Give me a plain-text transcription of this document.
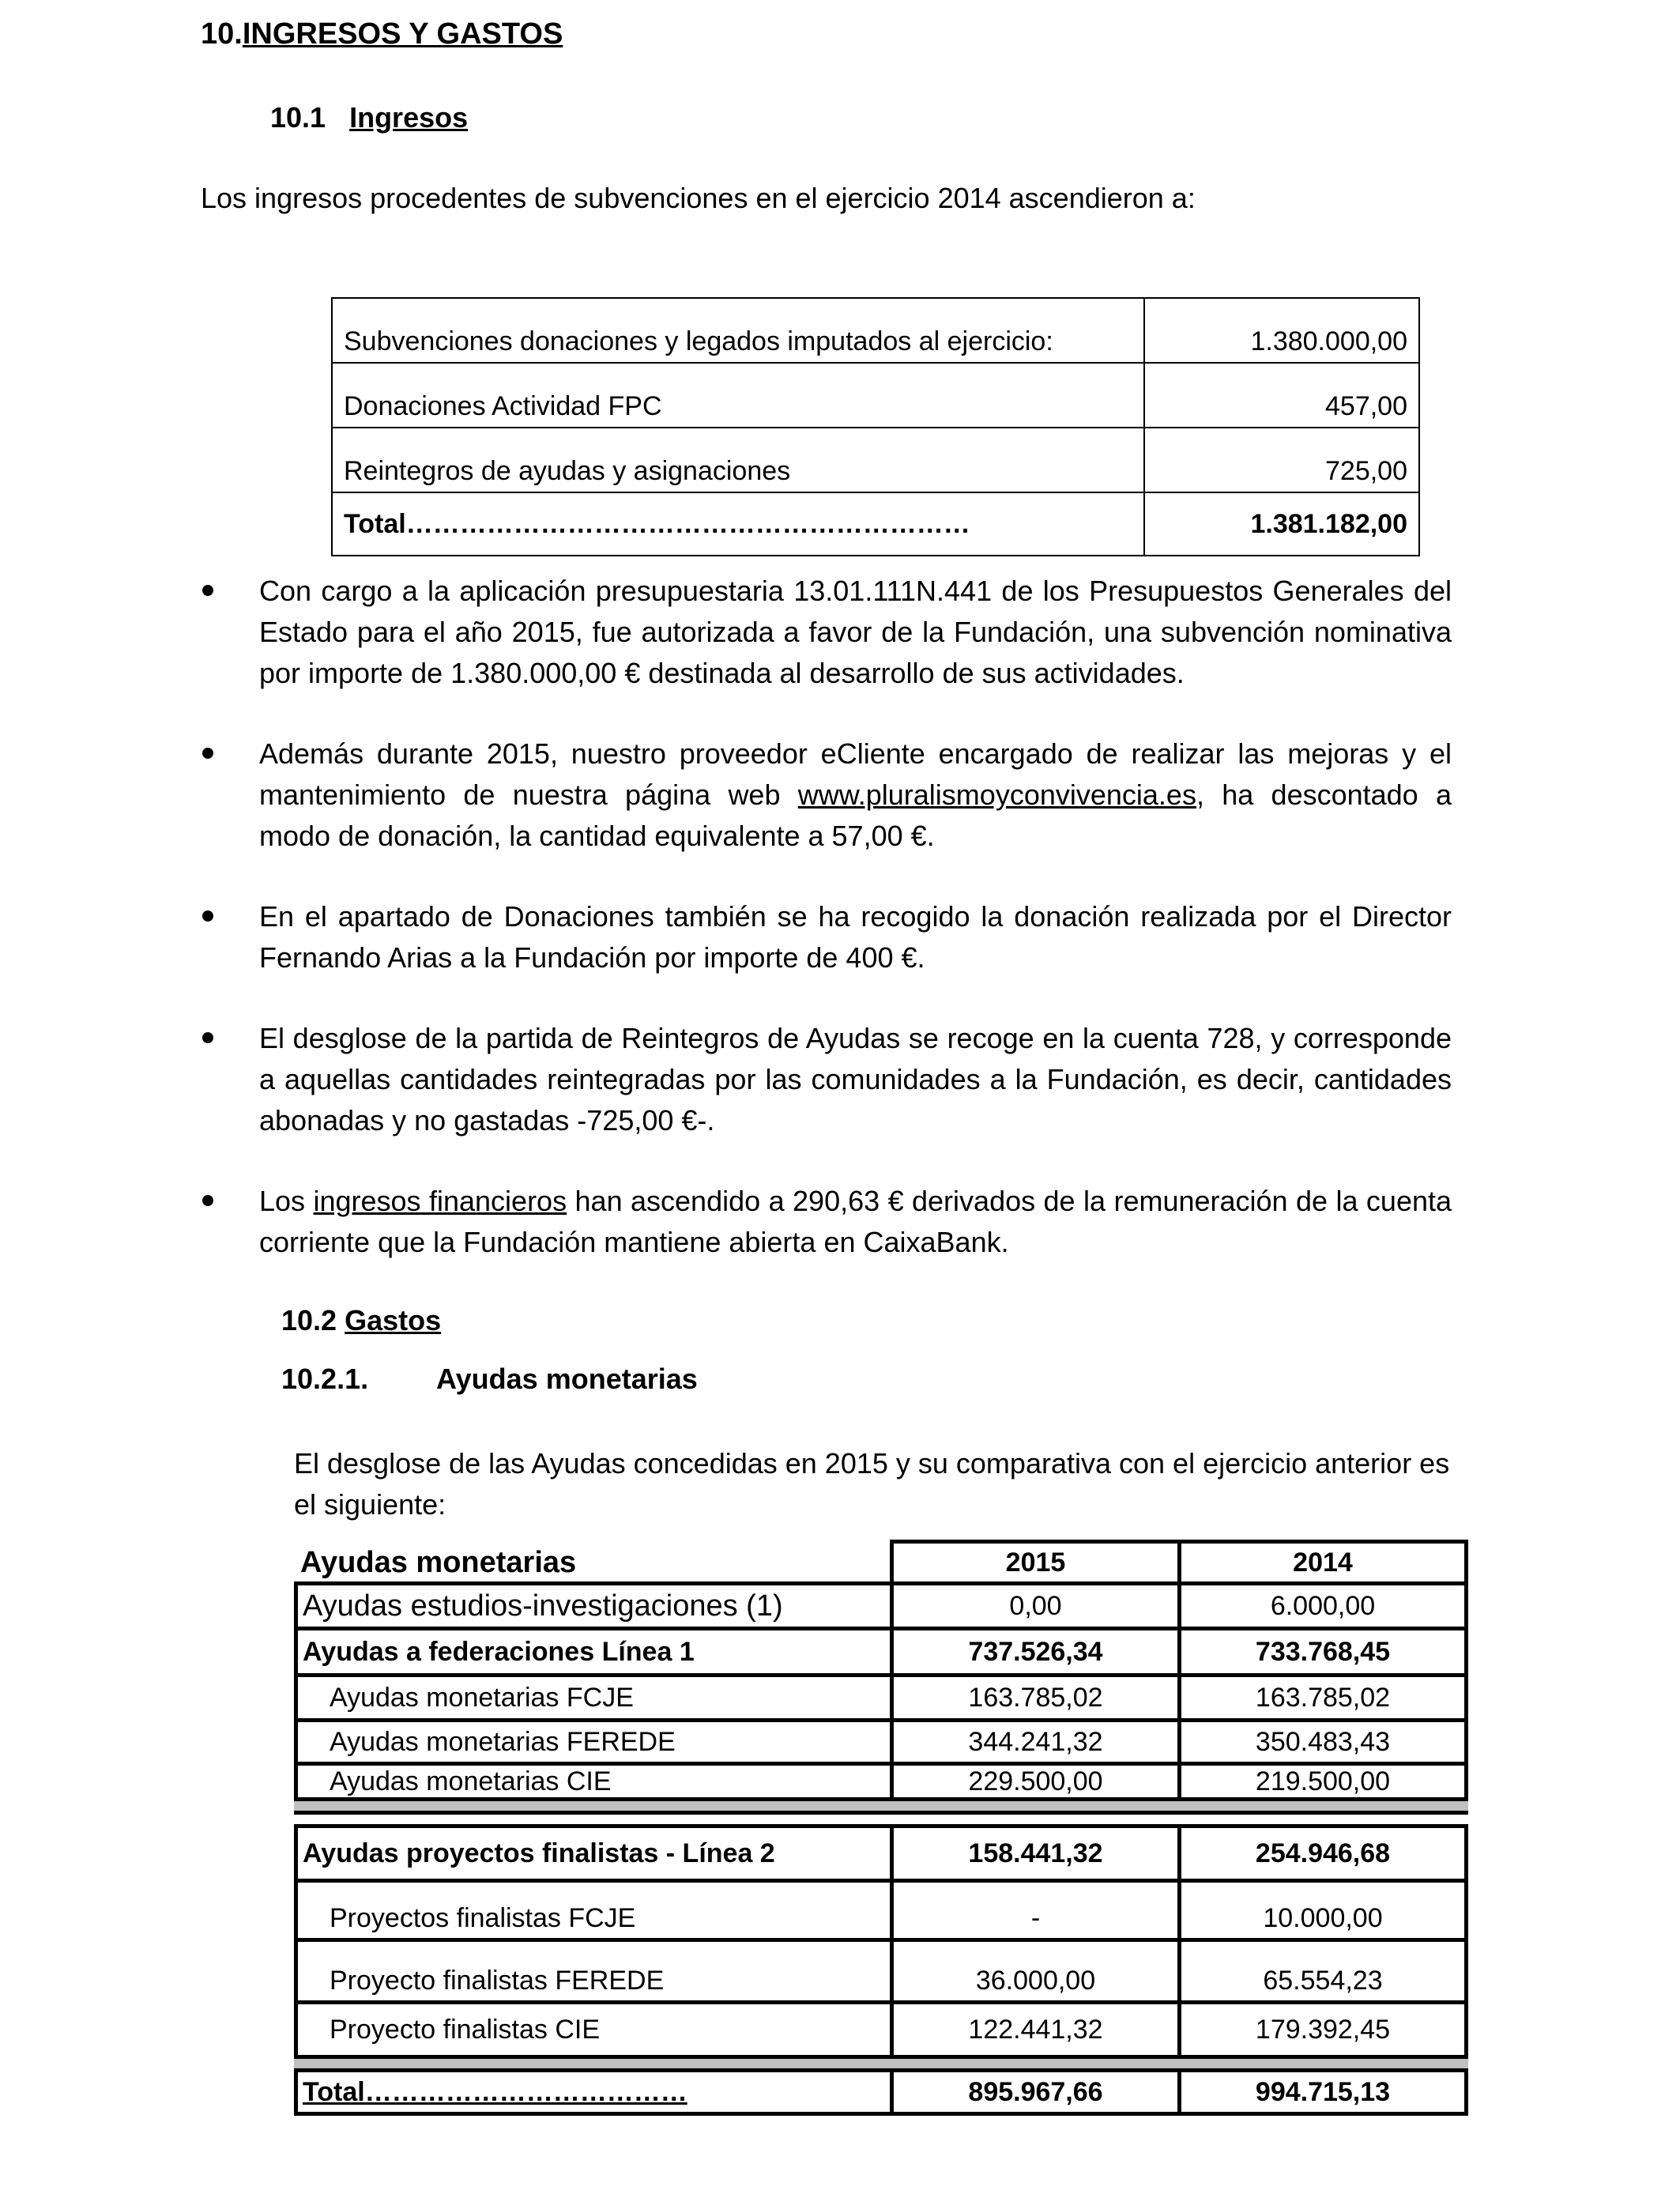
10.INGRESOS Y GASTOS
10.1 Ingresos
Los ingresos procedentes de subvenciones en el ejercicio 2014 ascendieron a:
Subvenciones donaciones y legados imputados al ejercicio:	1.380.000,00
Donaciones Actividad FPC	457,00
Reintegros de ayudas y asignaciones	725,00
Total………………………………………………………	1.381.182,00
Con cargo a la aplicación presupuestaria 13.01.111N.441 de los Presupuestos Generales del Estado para el año 2015, fue autorizada a favor de la Fundación, una subvención nominativa por importe de 1.380.000,00 € destinada al desarrollo de sus actividades.
Además durante 2015, nuestro proveedor eCliente encargado de realizar las mejoras y el mantenimiento de nuestra página web www.pluralismoyconvivencia.es, ha descontado a modo de donación, la cantidad equivalente a 57,00 €.
En el apartado de Donaciones también se ha recogido la donación realizada por el Director Fernando Arias a la Fundación por importe de 400 €.
El desglose de la partida de Reintegros de Ayudas se recoge en la cuenta 728, y corresponde a aquellas cantidades reintegradas por las comunidades a la Fundación, es decir, cantidades abonadas y no gastadas -725,00 €-.
Los ingresos financieros han ascendido a 290,63 € derivados de la remuneración de la cuenta corriente que la Fundación mantiene abierta en CaixaBank.
10.2 Gastos
10.2.1. Ayudas monetarias
El desglose de las Ayudas concedidas en 2015 y su comparativa con el ejercicio anterior es el siguiente:
Ayudas monetarias	2015	2014
Ayudas estudios-investigaciones (1)	0,00	6.000,00
Ayudas a federaciones Línea 1	737.526,34	733.768,45
Ayudas monetarias FCJE	163.785,02	163.785,02
Ayudas monetarias FEREDE	344.241,32	350.483,43
Ayudas monetarias CIE	229.500,00	219.500,00
Ayudas proyectos finalistas - Línea 2	158.441,32	254.946,68
Proyectos finalistas FCJE	-	10.000,00
Proyecto finalistas FEREDE	36.000,00	65.554,23
Proyecto finalistas CIE	122.441,32	179.392,45
Total………………………………	895.967,66	994.715,13
